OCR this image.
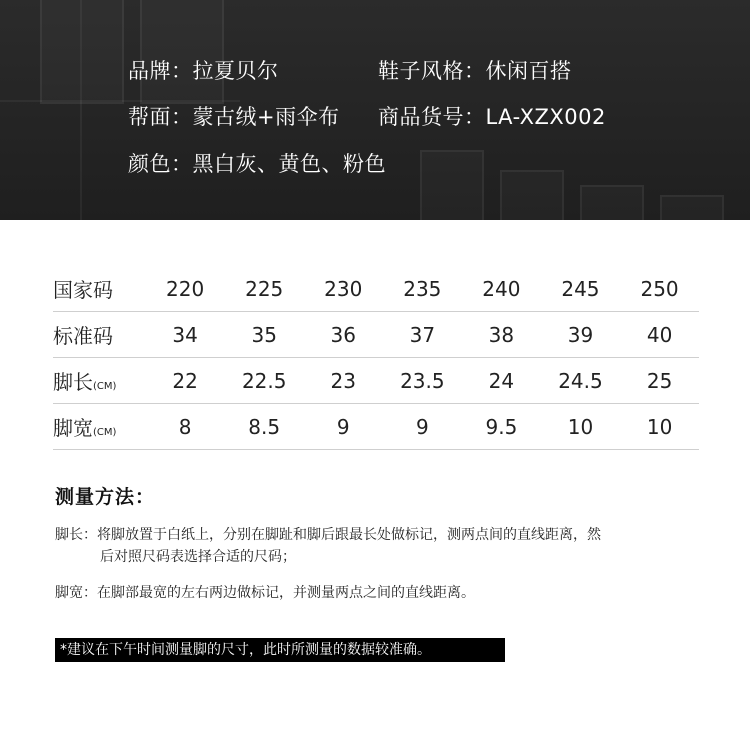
品牌：拉夏贝尔	鞋子风格：休闲百搭
帮面：蒙古绒+雨伞布	商品货号：LA-XZX002
颜色：黑白灰、黄色、粉色
国家码	220	225	230	235	240	245	250
标准码	34	35	36	37	38	39	40
脚长(CM)	22	22.5	23	23.5	24	24.5	25
脚宽(CM)	8	8.5	9	9	9.5	10	10
测量方法：
脚长：将脚放置于白纸上，分别在脚趾和脚后跟最长处做标记，测两点间的直线距离，然
后对照尺码表选择合适的尺码；
脚宽：在脚部最宽的左右两边做标记，并测量两点之间的直线距离。
*建议在下午时间测量脚的尺寸，此时所测量的数据较准确。
